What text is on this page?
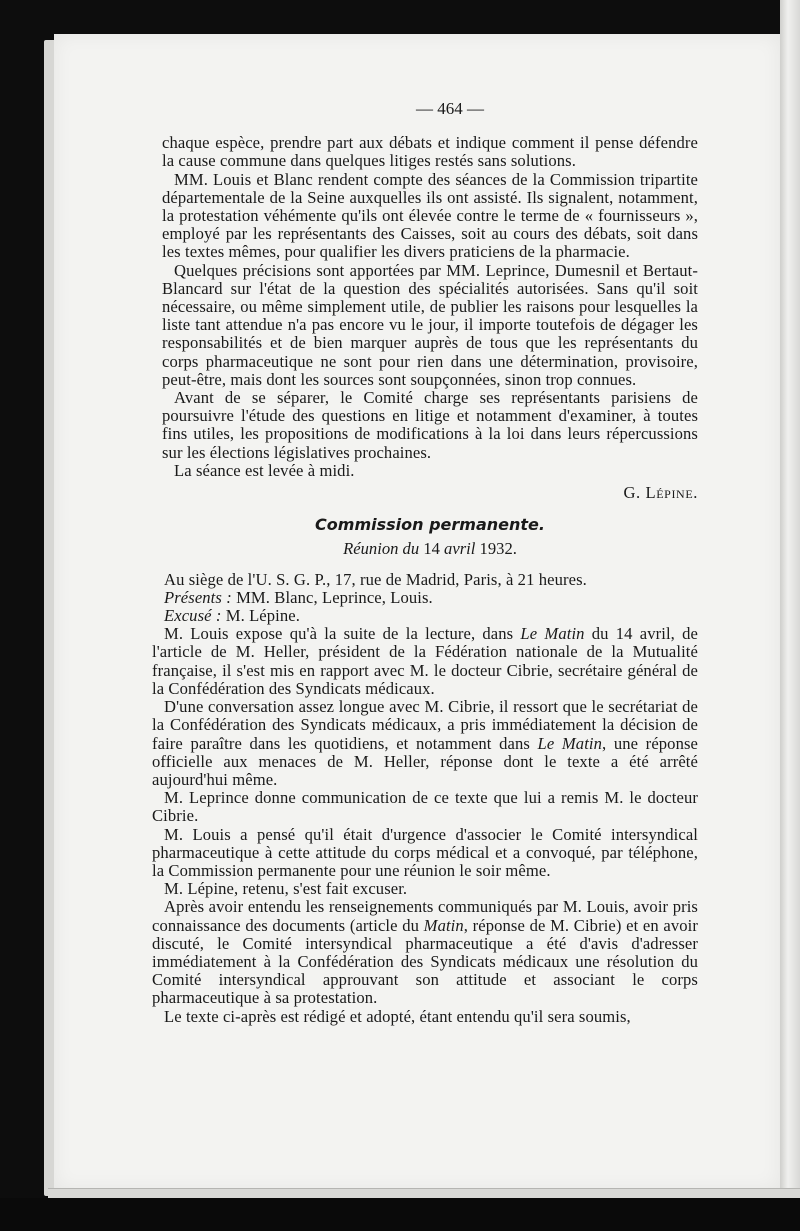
— 464 —

chaque espèce, prendre part aux débats et indique comment il pense défendre la cause commune dans quelques litiges restés sans solutions.

MM. Louis et Blanc rendent compte des séances de la Commission tripartite départementale de la Seine auxquelles ils ont assisté. Ils signalent, notamment, la protestation véhémente qu'ils ont élevée contre le terme de « fournisseurs », employé par les représentants des Caisses, soit au cours des débats, soit dans les textes mêmes, pour qualifier les divers praticiens de la pharmacie.

Quelques précisions sont apportées par MM. Leprince, Dumesnil et Bertaut-Blancard sur l'état de la question des spécialités autorisées. Sans qu'il soit nécessaire, ou même simplement utile, de publier les raisons pour lesquelles la liste tant attendue n'a pas encore vu le jour, il importe toutefois de dégager les responsabilités et de bien marquer auprès de tous que les représentants du corps pharmaceutique ne sont pour rien dans une détermination, provisoire, peut-être, mais dont les sources sont soupçonnées, sinon trop connues.

Avant de se séparer, le Comité charge ses représentants parisiens de poursuivre l'étude des questions en litige et notamment d'examiner, à toutes fins utiles, les propositions de modifications à la loi dans leurs répercussions sur les élections législatives prochaines.

La séance est levée à midi.

G. Lépine.
Commission permanente.
Réunion du 14 avril 1932.

Au siège de l'U. S. G. P., 17, rue de Madrid, Paris, à 21 heures.

Présents : MM. Blanc, Leprince, Louis.

Excusé : M. Lépine.

M. Louis expose qu'à la suite de la lecture, dans Le Matin du 14 avril, de l'article de M. Heller, président de la Fédération nationale de la Mutualité française, il s'est mis en rapport avec M. le docteur Cibrie, secrétaire général de la Confédération des Syndicats médicaux.

D'une conversation assez longue avec M. Cibrie, il ressort que le secrétariat de la Confédération des Syndicats médicaux, a pris immédiatement la décision de faire paraître dans les quotidiens, et notamment dans Le Matin, une réponse officielle aux menaces de M. Heller, réponse dont le texte a été arrêté aujourd'hui même.

M. Leprince donne communication de ce texte que lui a remis M. le docteur Cibrie.

M. Louis a pensé qu'il était d'urgence d'associer le Comité intersyndical pharmaceutique à cette attitude du corps médical et a convoqué, par téléphone, la Commission permanente pour une réunion le soir même.

M. Lépine, retenu, s'est fait excuser.

Après avoir entendu les renseignements communiqués par M. Louis, avoir pris connaissance des documents (article du Matin, réponse de M. Cibrie) et en avoir discuté, le Comité intersyndical pharmaceutique a été d'avis d'adresser immédiatement à la Confédération des Syndicats médicaux une résolution du Comité intersyndical approuvant son attitude et associant le corps pharmaceutique à sa protestation.

Le texte ci-après est rédigé et adopté, étant entendu qu'il sera soumis,
